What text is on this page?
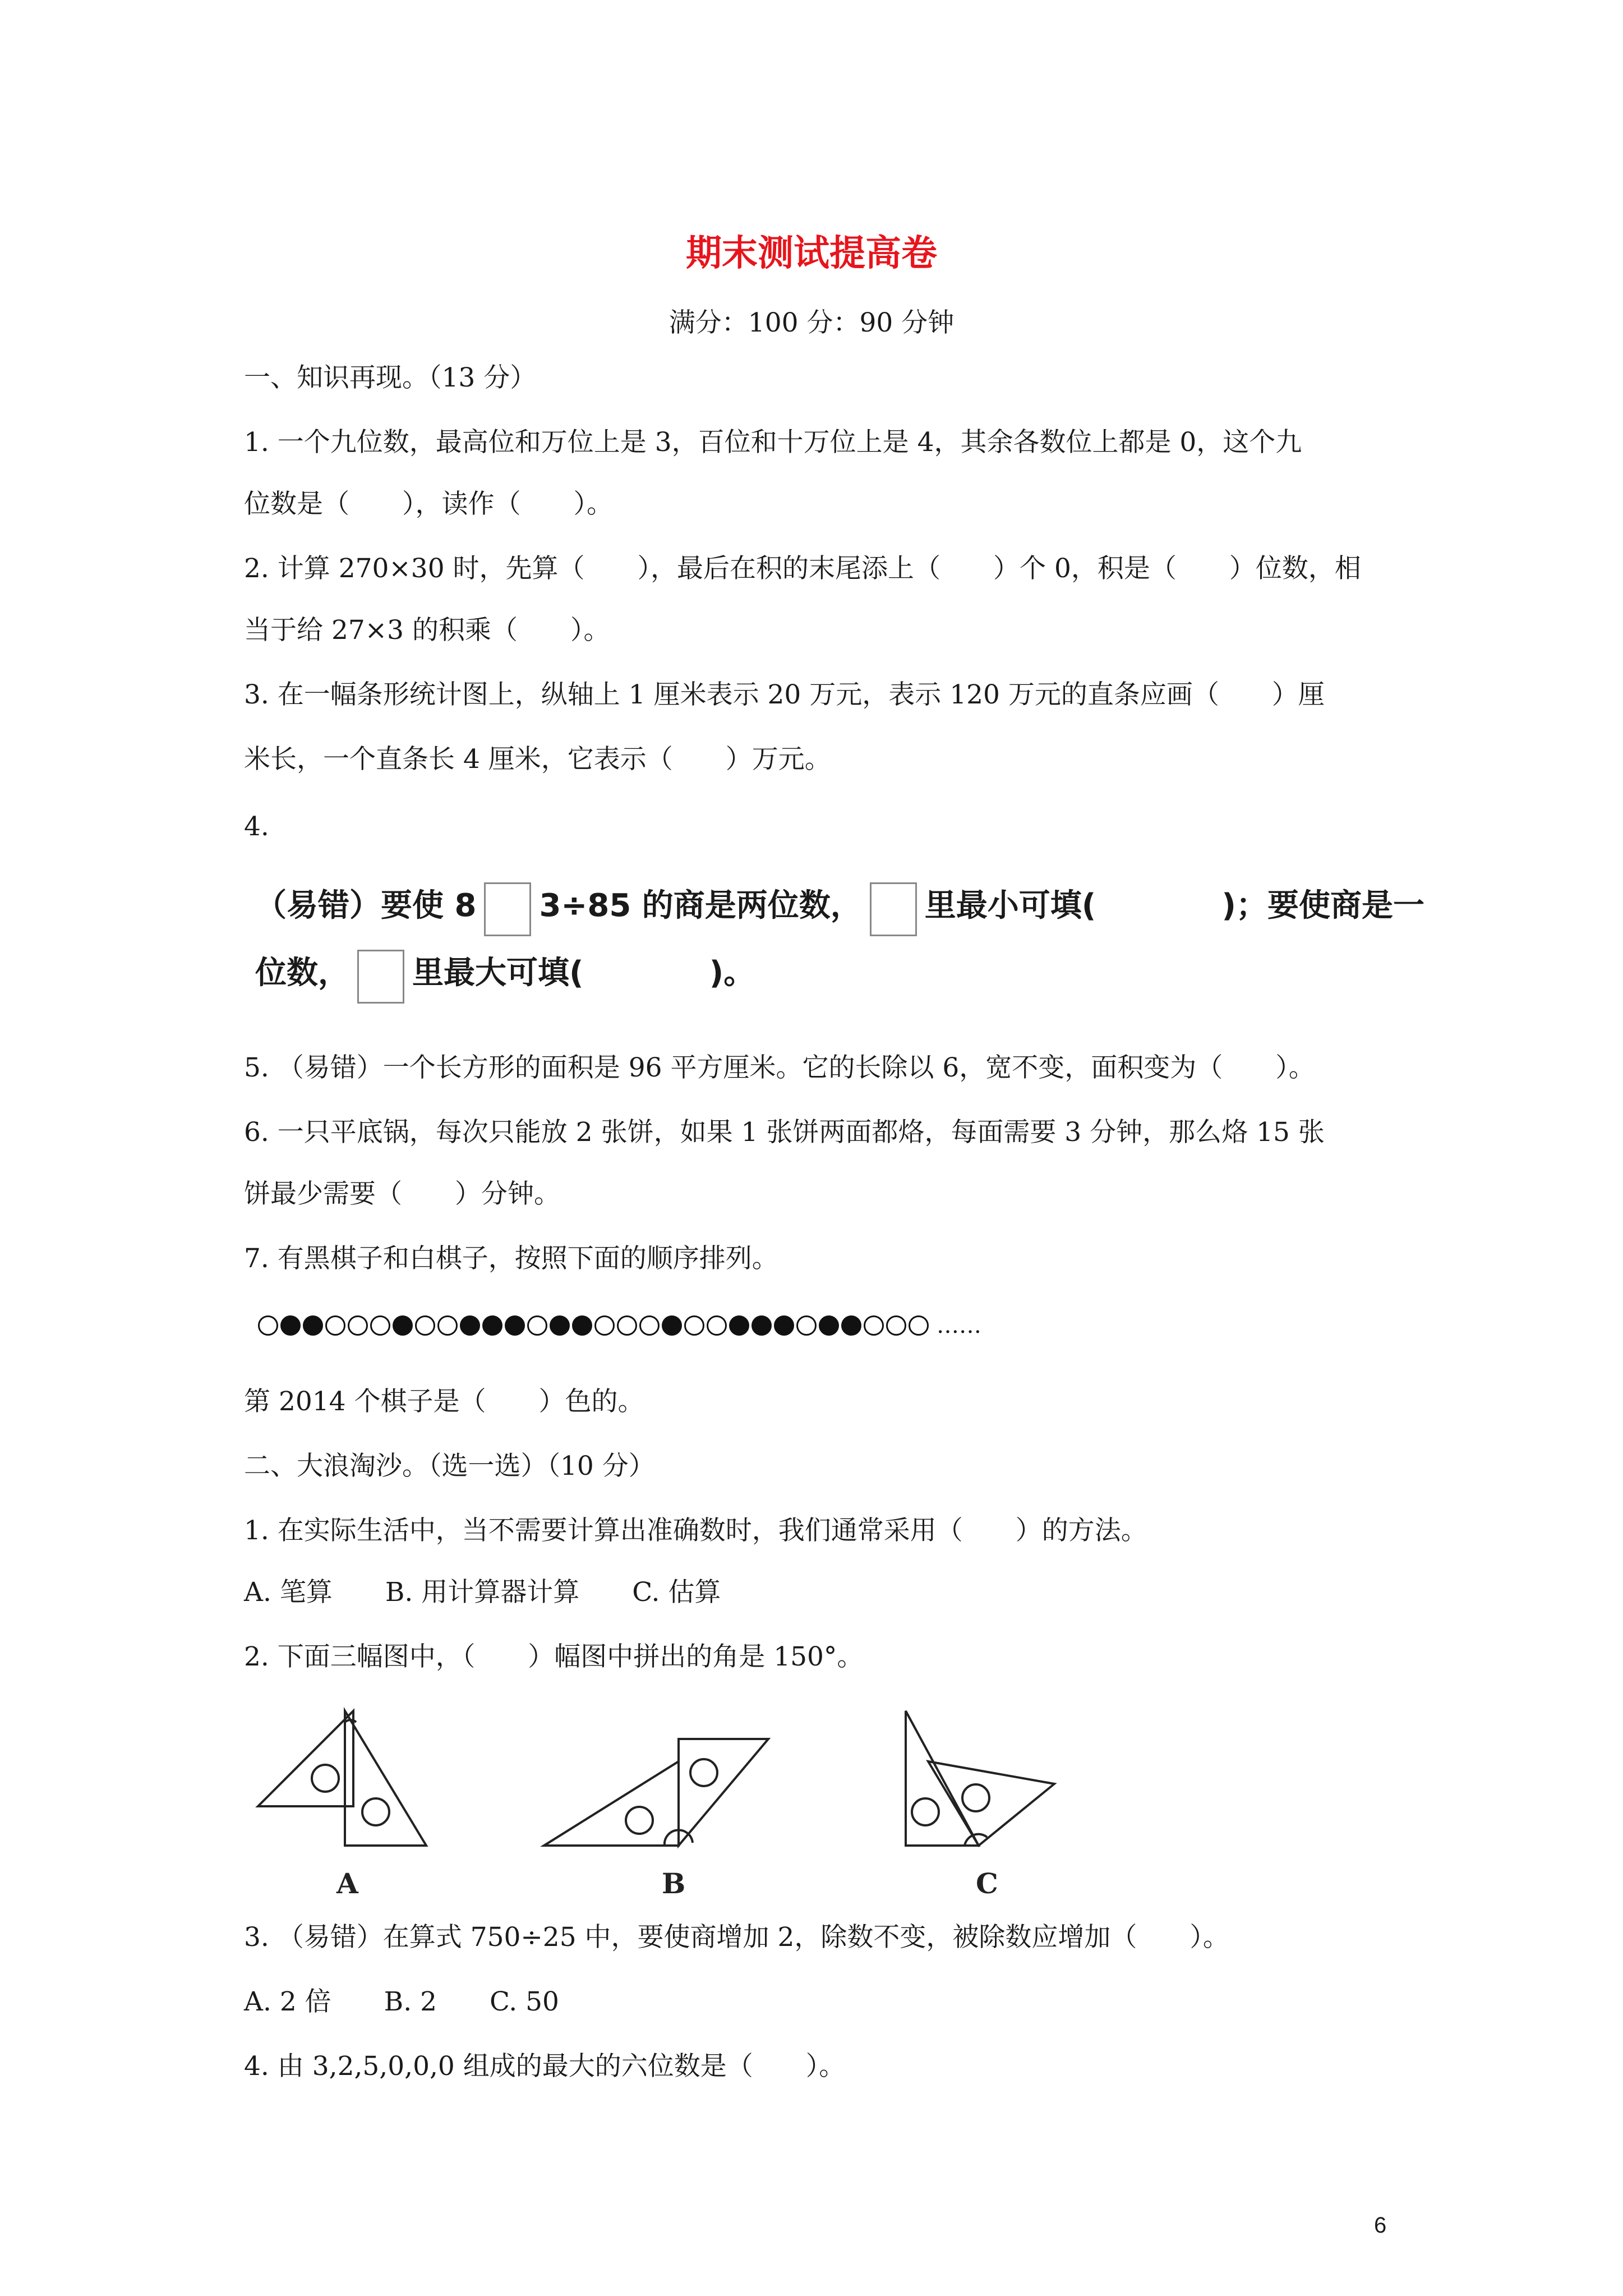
期末测试提高卷

满分：100 分：90 分钟

一、知识再现。（13 分）

1. 一个九位数，最高位和万位上是 3，百位和十万位上是 4，其余各数位上都是 0，这个九

位数是（　　），读作（　　）。

2. 计算 270×30 时，先算（　　），最后在积的末尾添上（　　）个 0，积是（　　）位数，相

当于给 27×3 的积乘（　　）。

3. 在一幅条形统计图上，纵轴上 1 厘米表示 20 万元，表示 120 万元的直条应画（　　）厘

米长，一个直条长 4 厘米，它表示（　　）万元。

4.

（易错）要使 8 3÷85 的商是两位数， 里最小可填(　　　　)；要使商是一

位数， 里最大可填(　　　　)。

5. （易错）一个长方形的面积是 96 平方厘米。它的长除以 6，宽不变，面积变为（　　）。

6. 一只平底锅，每次只能放 2 张饼，如果 1 张饼两面都烙，每面需要 3 分钟，那么烙 15 张

饼最少需要（　　）分钟。

7. 有黑棋子和白棋子，按照下面的顺序排列。

……

第 2014 个棋子是（　　）色的。

二、大浪淘沙。（选一选）（10 分）

1. 在实际生活中，当不需要计算出准确数时，我们通常采用（　　）的方法。

A. 笔算　　B. 用计算器计算　　C. 估算

2. 下面三幅图中，（　　）幅图中拼出的角是 150°。

A	B	C

3. （易错）在算式 750÷25 中，要使商增加 2，除数不变，被除数应增加（　　）。

A. 2 倍　　B. 2　　C. 50

4. 由 3,2,5,0,0,0 组成的最大的六位数是（　　）。

6
